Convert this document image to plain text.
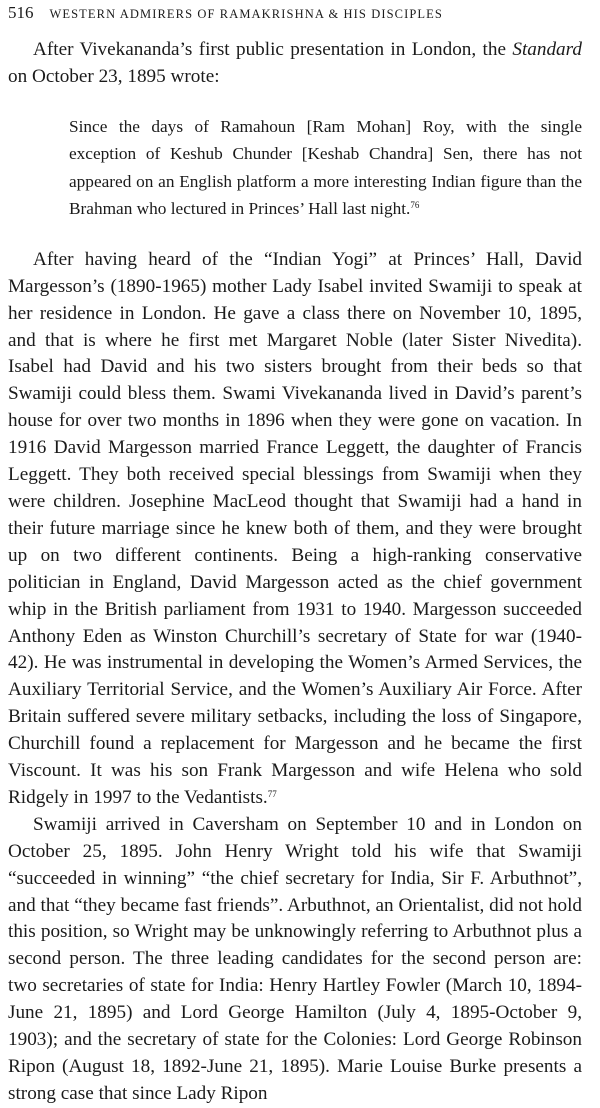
516 WESTERN ADMIRERS OF RAMAKRISHNA & HIS DISCIPLES

After Vivekananda’s first public presentation in London, the Standard on October 23, 1895 wrote:

Since the days of Ramahoun [Ram Mohan] Roy, with the single exception of Keshub Chunder [Keshab Chandra] Sen, there has not appeared on an English platform a more interesting Indian figure than the Brahman who lectured in Princes’ Hall last night.$^{76}$

After having heard of the “Indian Yogi” at Princes’ Hall, David Margesson’s (1890-1965) mother Lady Isabel invited Swamiji to speak at her residence in London. He gave a class there on November 10, 1895, and that is where he first met Margaret Noble (later Sister Nivedita). Isabel had David and his two sisters brought from their beds so that Swamiji could bless them. Swami Vivekananda lived in David’s parent’s house for over two months in 1896 when they were gone on vacation. In 1916 David Margesson married France Leggett, the daughter of Francis Leggett. They both received special blessings from Swamiji when they were children. Josephine MacLeod thought that Swamiji had a hand in their future marriage since he knew both of them, and they were brought up on two different continents. Being a high-ranking conservative politician in England, David Margesson acted as the chief government whip in the British parliament from 1931 to 1940. Margesson succeeded Anthony Eden as Winston Churchill’s secretary of State for war (1940-42). He was instrumental in developing the Women’s Armed Services, the Auxiliary Territorial Service, and the Women’s Auxiliary Air Force. After Britain suffered severe military setbacks, including the loss of Singapore, Churchill found a replacement for Margesson and he became the first Viscount. It was his son Frank Margesson and wife Helena who sold Ridgely in 1997 to the Vedantists.$^{77}$

Swamiji arrived in Caversham on September 10 and in London on October 25, 1895. John Henry Wright told his wife that Swamiji “succeeded in winning” “the chief secretary for India, Sir F. Arbuthnot”, and that “they became fast friends”. Arbuthnot, an Orientalist, did not hold this position, so Wright may be unknowingly referring to Arbuthnot plus a second person. The three leading candidates for the second person are: two secretaries of state for India: Henry Hartley Fowler (March 10, 1894-June 21, 1895) and Lord George Hamilton (July 4, 1895-October 9, 1903); and the secretary of state for the Colonies: Lord George Robinson Ripon (August 18, 1892-June 21, 1895). Marie Louise Burke presents a strong case that since Lady Ripon
